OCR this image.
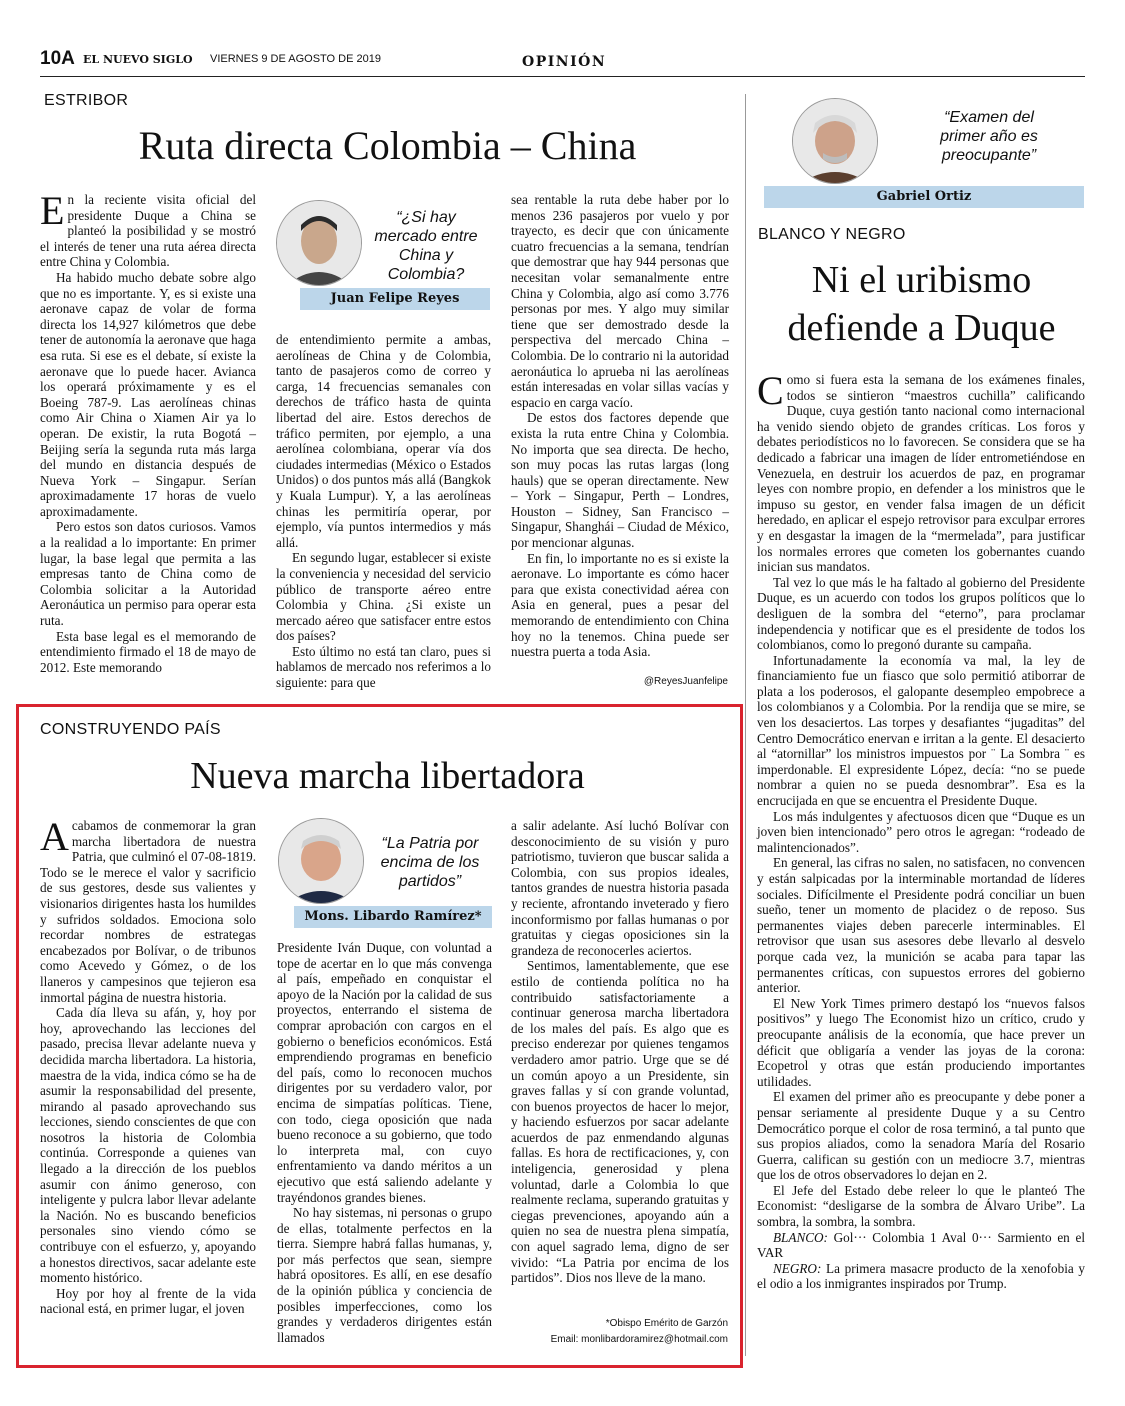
10A EL NUEVO SIGLO VIERNES 9 DE AGOSTO DE 2019	OPINIÓN
ESTRIBOR
Ruta directa Colombia – China
E n la reciente visita oficial del presidente Duque a China se planteó la posibilidad y se mostró el interés de tener una ruta aérea directa entre China y Colombia.

Ha habido mucho debate sobre algo que no es importante. Y, es si existe una aeronave capaz de volar de forma directa los 14,927 kilómetros que debe tener de autonomía la aeronave que haga esa ruta. Si ese es el debate, sí existe la aeronave que lo puede hacer. Avianca los operará próximamente y es el Boeing 787-9. Las aerolíneas chinas como Air China o Xiamen Air ya lo operan. De existir, la ruta Bogotá – Beijing sería la segunda ruta más larga del mundo en distancia después de Nueva York – Singapur. Serían aproximadamente 17 horas de vuelo aproximadamente.

Pero estos son datos curiosos. Vamos a la realidad a lo importante: En primer lugar, la base legal que permita a las empresas tanto de China como de Colombia solicitar a la Autoridad Aeronáutica un permiso para operar esta ruta.

Esta base legal es el memorando de entendimiento firmado el 18 de mayo de 2012. Este memorando

“¿Si hay mercado entre China y Colombia?
Juan Felipe Reyes

de entendimiento permite a ambas, aerolíneas de China y de Colombia, tanto de pasajeros como de correo y carga, 14 frecuencias semanales con derechos de tráfico hasta de quinta libertad del aire. Estos derechos de tráfico permiten, por ejemplo, a una aerolínea colombiana, operar vía dos ciudades intermedias (México o Estados Unidos) o dos puntos más allá (Bangkok y Kuala Lumpur). Y, a las aerolíneas chinas les permitiría operar, por ejemplo, vía puntos intermedios y más allá.

En segundo lugar, establecer si existe la conveniencia y necesidad del servicio público de transporte aéreo entre Colombia y China. ¿Si existe un mercado aéreo que satisfacer entre estos dos países?

Esto último no está tan claro, pues si hablamos de mercado nos referimos a lo siguiente: para que

sea rentable la ruta debe haber por lo menos 236 pasajeros por vuelo y por trayecto, es decir que con únicamente cuatro frecuencias a la semana, tendrían que demostrar que hay 944 personas que necesitan volar semanalmente entre China y Colombia, algo así como 3.776 personas por mes. Y algo muy similar tiene que ser demostrado desde la perspectiva del mercado China – Colombia. De lo contrario ni la autoridad aeronáutica lo aprueba ni las aerolíneas están interesadas en volar sillas vacías y espacio en carga vacío.

De estos dos factores depende que exista la ruta entre China y Colombia. No importa que sea directa. De hecho, son muy pocas las rutas largas (long hauls) que se operan directamente. New – York – Singapur, Perth – Londres, Houston – Sidney, San Francisco – Singapur, Shanghái – Ciudad de México, por mencionar algunas.

En fin, lo importante no es si existe la aeronave. Lo importante es cómo hacer para que exista conectividad aérea con Asia en general, pues a pesar del memorando de entendimiento con China hoy no la tenemos. China puede ser nuestra puerta a toda Asia.

@ReyesJuanfelipe
CONSTRUYENDO PAÍS
Nueva marcha libertadora
A cabamos de conmemorar la gran marcha libertadora de nuestra Patria, que culminó el 07-08-1819. Todo se le merece el valor y sacrificio de sus gestores, desde sus valientes y visionarios dirigentes hasta los humildes y sufridos soldados. Emociona solo recordar nombres de estrategas encabezados por Bolívar, o de tribunos como Acevedo y Gómez, o de los llaneros y campesinos que tejieron esa inmortal página de nuestra historia.

Cada día lleva su afán, y, hoy por hoy, aprovechando las lecciones del pasado, precisa llevar adelante nueva y decidida marcha libertadora. La historia, maestra de la vida, indica cómo se ha de asumir la responsabilidad del presente, mirando al pasado aprovechando sus lecciones, siendo conscientes de que con nosotros la historia de Colombia continúa. Corresponde a quienes van llegado a la dirección de los pueblos asumir con ánimo generoso, con inteligente y pulcra labor llevar adelante la Nación. No es buscando beneficios personales sino viendo cómo se contribuye con el esfuerzo, y, apoyando a honestos directivos, sacar adelante este momento histórico.

Hoy por hoy al frente de la vida nacional está, en primer lugar, el joven

“La Patria por encima de los partidos”
Mons. Libardo Ramírez*

Presidente Iván Duque, con voluntad a tope de acertar en lo que más convenga al país, empeñado en conquistar el apoyo de la Nación por la calidad de sus proyectos, enterrando el sistema de comprar aprobación con cargos en el gobierno o beneficios económicos. Está emprendiendo programas en beneficio del país, como lo reconocen muchos dirigentes por su verdadero valor, por encima de simpatías políticas. Tiene, con todo, ciega oposición que nada bueno reconoce a su gobierno, que todo lo interpreta mal, con cuyo enfrentamiento va dando méritos a un ejecutivo que está saliendo adelante y trayéndonos grandes bienes.

No hay sistemas, ni personas o grupo de ellas, totalmente perfectos en la tierra. Siempre habrá fallas humanas, y, por más perfectos que sean, siempre habrá opositores. Es allí, en ese desafío de la opinión pública y conciencia de posibles imperfecciones, como los grandes y verdaderos dirigentes están llamados

a salir adelante. Así luchó Bolívar con desconocimiento de su visión y puro patriotismo, tuvieron que buscar salida a Colombia, con sus propios ideales, tantos grandes de nuestra historia pasada y reciente, afrontando inveterado y fiero inconformismo por fallas humanas o por gratuitas y ciegas oposiciones sin la grandeza de reconocerles aciertos.

Sentimos, lamentablemente, que ese estilo de contienda política no ha contribuido satisfactoriamente a continuar generosa marcha libertadora de los males del país. Es algo que es preciso enderezar por quienes tengamos verdadero amor patrio. Urge que se dé un común apoyo a un Presidente, sin graves fallas y sí con grande voluntad, con buenos proyectos de hacer lo mejor, y haciendo esfuerzos por sacar adelante acuerdos de paz enmendando algunas fallas. Es hora de rectificaciones, y, con inteligencia, generosidad y plena voluntad, darle a Colombia lo que realmente reclama, superando gratuitas y ciegas prevenciones, apoyando aún a quien no sea de nuestra plena simpatía, con aquel sagrado lema, digno de ser vivido: “La Patria por encima de los partidos”. Dios nos lleve de la mano.

*Obispo Emérito de Garzón
Email: monlibardoramirez@hotmail.com
“Examen del primer año es preocupante”
Gabriel Ortiz
BLANCO Y NEGRO
Ni el uribismo defiende a Duque
C omo si fuera esta la semana de los exámenes finales, todos se sintieron “maestros cuchilla” calificando Duque, cuya gestión tanto nacional como internacional ha venido siendo objeto de grandes críticas. Los foros y debates periodísticos no lo favorecen. Se considera que se ha dedicado a fabricar una imagen de líder entrometiéndose en Venezuela, en destruir los acuerdos de paz, en programar leyes con nombre propio, en defender a los ministros que le impuso su gestor, en vender falsa imagen de un déficit heredado, en aplicar el espejo retrovisor para exculpar errores y en desgastar la imagen de la “mermelada”, para justificar los normales errores que cometen los gobernantes cuando inician sus mandatos.

Tal vez lo que más le ha faltado al gobierno del Presidente Duque, es un acuerdo con todos los grupos políticos que lo desliguen de la sombra del “eterno”, para proclamar independencia y notificar que es el presidente de todos los colombianos, como lo pregonó durante su campaña.

Infortunadamente la economía va mal, la ley de financiamiento fue un fiasco que solo permitió atiborrar de plata a los poderosos, el galopante desempleo empobrece a los colombianos y a Colombia. Por la rendija que se mire, se ven los desaciertos. Las torpes y desafiantes “jugaditas” del Centro Democrático enervan e irritan a la gente. El desacierto al “atornillar” los ministros impuestos por ¨ La Sombra ¨ es imperdonable. El expresidente López, decía: “no se puede nombrar a quien no se pueda desnombrar”. Esa es la encrucijada en que se encuentra el Presidente Duque.

Los más indulgentes y afectuosos dicen que “Duque es un joven bien intencionado” pero otros le agregan: “rodeado de malintencionados”.

En general, las cifras no salen, no satisfacen, no convencen y están salpicadas por la interminable mortandad de líderes sociales. Difícilmente el Presidente podrá conciliar un buen sueño, tener un momento de placidez o de reposo. Sus permanentes viajes deben parecerle interminables. El retrovisor que usan sus asesores debe llevarlo al desvelo porque cada vez, la munición se acaba para tapar las permanentes críticas, con supuestos errores del gobierno anterior.

El New York Times primero destapó los “nuevos falsos positivos” y luego The Economist hizo un crítico, crudo y preocupante análisis de la economía, que hace prever un déficit que obligaría a vender las joyas de la corona: Ecopetrol y otras que están produciendo importantes utilidades.

El examen del primer año es preocupante y debe poner a pensar seriamente al presidente Duque y a su Centro Democrático porque el color de rosa terminó, a tal punto que sus propios aliados, como la senadora María del Rosario Guerra, califican su gestión con un mediocre 3.7, mientras que los de otros observadores lo dejan en 2.

El Jefe del Estado debe releer lo que le planteó The Economist: “desligarse de la sombra de Álvaro Uribe”. La sombra, la sombra, la sombra.

BLANCO: Gol··· Colombia 1 Aval 0··· Sarmiento en el VAR

NEGRO: La primera masacre producto de la xenofobia y el odio a los inmigrantes inspirados por Trump.
